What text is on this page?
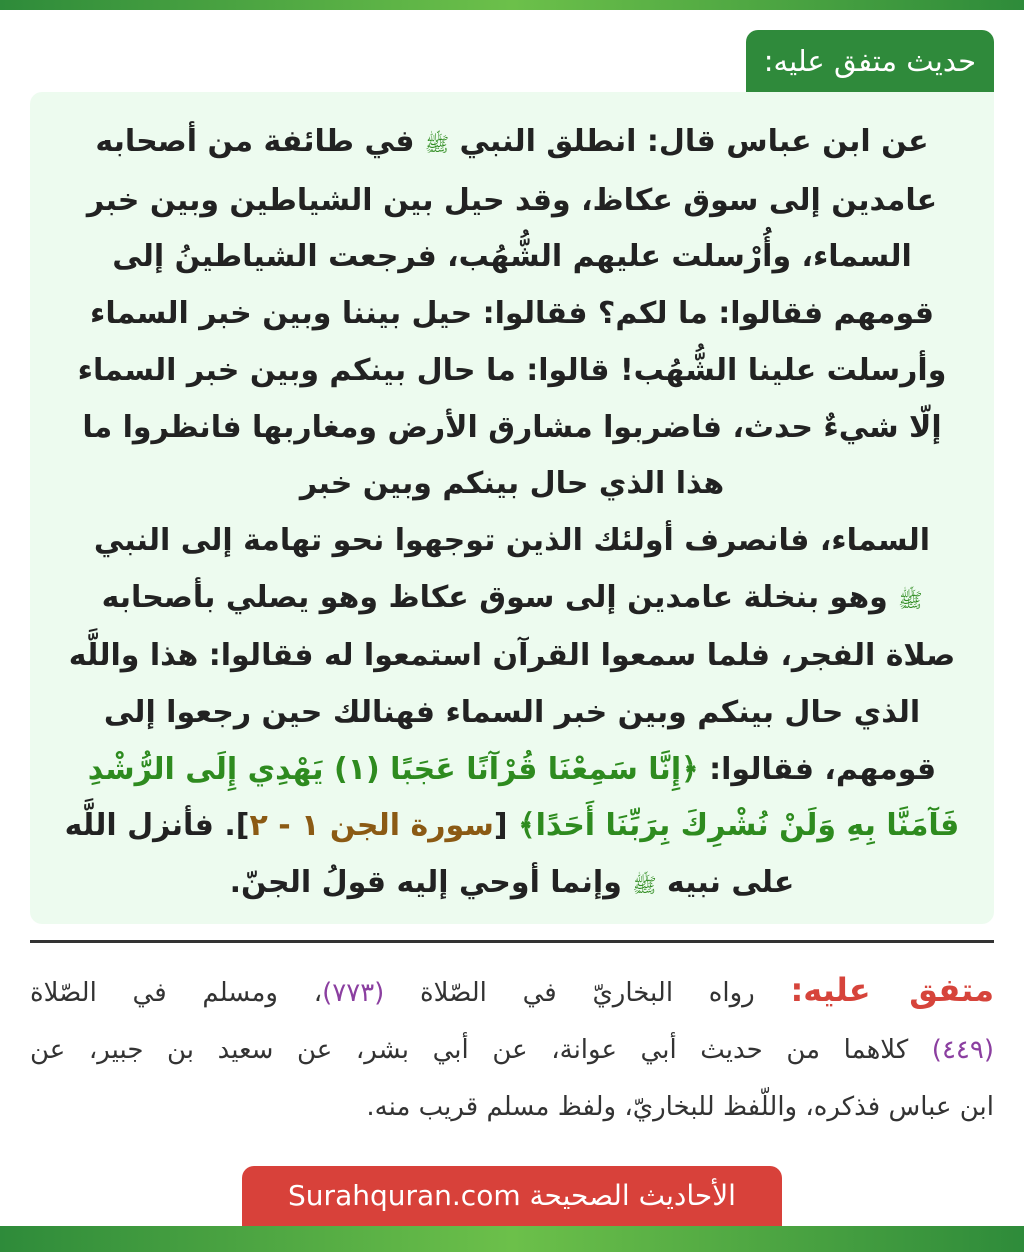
حديث متفق عليه:
عن ابن عباس قال: انطلق النبي ﷺ في طائفة من أصحابه
عامدين إلى سوق عكاظ، وقد حيل بين الشياطين وبين خبر
السماء، وأُرْسلت عليهم الشُّهُب، فرجعت الشياطينُ إلى
قومهم فقالوا: ما لكم؟ فقالوا: حيل بيننا وبين خبر السماء
وأرسلت علينا الشُّهُب! قالوا: ما حال بينكم وبين خبر السماء
إلّا شيءٌ حدث، فاضربوا مشارق الأرض ومغاربها فانظروا ما
هذا الذي حال بينكم وبين خبر
السماء، فانصرف أولئك الذين توجهوا نحو تهامة إلى النبي
ﷺ وهو بنخلة عامدين إلى سوق عكاظ وهو يصلي بأصحابه
صلاة الفجر، فلما سمعوا القرآن استمعوا له فقالوا: هذا واللَّه
الذي حال بينكم وبين خبر السماء فهنالك حين رجعوا إلى
قومهم، فقالوا: ﴿إِنَّا سَمِعْنَا قُرْآنًا عَجَبًا (١) يَهْدِي إِلَى الرُّشْدِ
فَآمَنَّا بِهِ وَلَنْ نُشْرِكَ بِرَبِّنَا أَحَدًا﴾ [سورة الجن ١ - ٢]. فأنزل اللَّه
على نبيه ﷺ وإنما أوحي إليه قولُ الجنّ.
متفق عليه: رواه البخاريّ في الصّلاة (٧٧٣)، ومسلم في الصّلاة
(٤٤٩) كلاهما من حديث أبي عوانة، عن أبي بشر، عن سعيد بن جبير، عن
ابن عباس فذكره، واللّفظ للبخاريّ، ولفظ مسلم قريب منه.
الأحاديث الصحيحة Surahquran.com
